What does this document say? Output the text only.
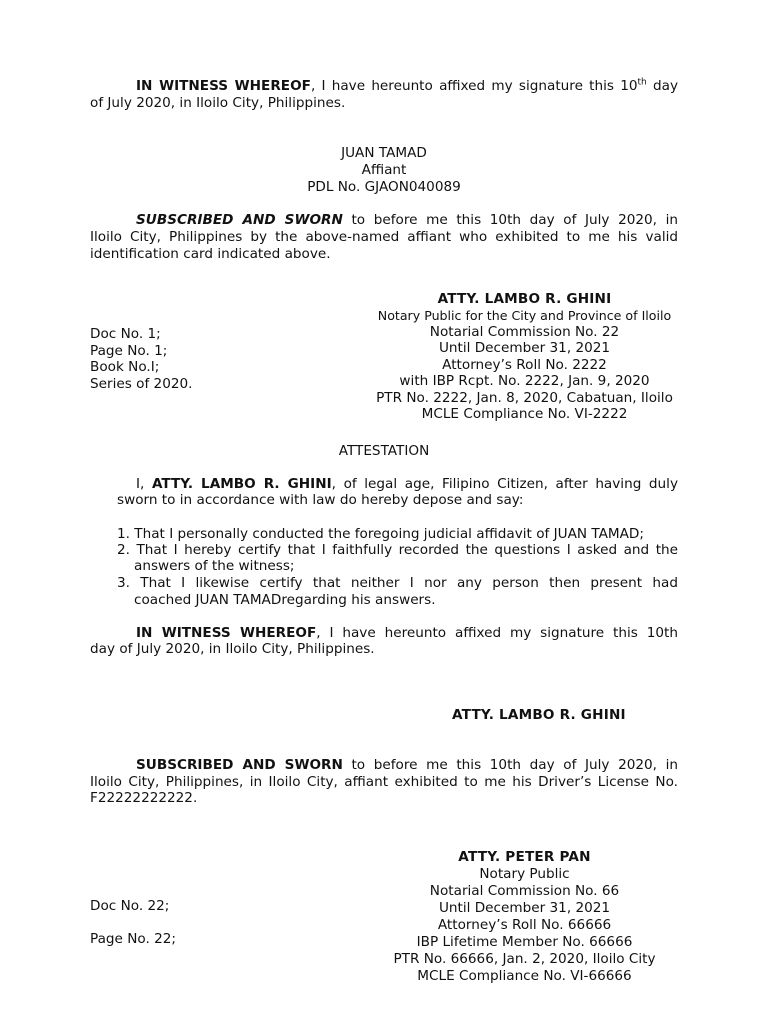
IN WITNESS WHEREOF, I have hereunto affixed my signature this 10th day
of July 2020, in Iloilo City, Philippines.
JUAN TAMAD
Affiant
PDL No. GJAON040089
SUBSCRIBED AND SWORN to before me this 10th day of July 2020, in
Iloilo City, Philippines by the above-named affiant who exhibited to me his valid
identification card indicated above.
ATTY. LAMBO R. GHINI
Notary Public for the City and Province of Iloilo
Notarial Commission No. 22
Until December 31, 2021
Attorney’s Roll No. 2222
with IBP Rcpt. No. 2222, Jan. 9, 2020
PTR No. 2222, Jan. 8, 2020, Cabatuan, Iloilo
MCLE Compliance No. VI-2222
Doc No. 1;
Page No. 1;
Book No.I;
Series of 2020.
ATTESTATION
I, ATTY. LAMBO R. GHINI, of legal age, Filipino Citizen, after having duly
sworn to in accordance with law do hereby depose and say:
1. That I personally conducted the foregoing judicial affidavit of JUAN TAMAD;
2. That I hereby certify that I faithfully recorded the questions I asked and the
answers of the witness;
3. That I likewise certify that neither I nor any person then present had
coached JUAN TAMADregarding his answers.
IN WITNESS WHEREOF, I have hereunto affixed my signature this 10th
day of July 2020, in Iloilo City, Philippines.
ATTY. LAMBO R. GHINI
SUBSCRIBED AND SWORN to before me this 10th day of July 2020, in
Iloilo City, Philippines, in Iloilo City, affiant exhibited to me his Driver’s License No.
F22222222222.
ATTY. PETER PAN
Notary Public
Notarial Commission No. 66
Until December 31, 2021
Attorney’s Roll No. 66666
IBP Lifetime Member No. 66666
PTR No. 66666, Jan. 2, 2020, Iloilo City
MCLE Compliance No. VI-66666
Doc No. 22;
Page No. 22;
